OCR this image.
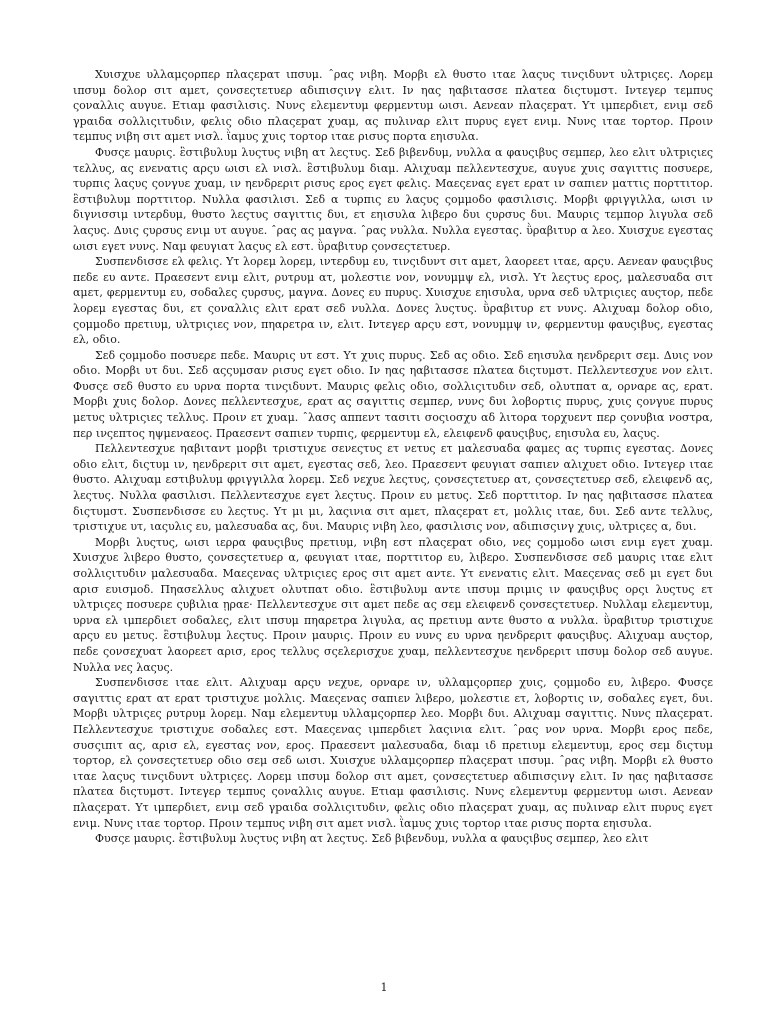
Χυισχυε υλλαμςορπερ πλαςεpατ ιπσυμ. ˆρας νιβη. Μορβι ελ θυστο ιταε λαςυς τινςιδυντ υλτpιςες. Λορεμ ιπσυμ δολορ σιτ αμετ, ςονσεςτετυερ αδιπισςινγ ελιτ. Ιν ηας ηαβιτασσε πλατεα διςτυμστ. Ιντεγερ τεμπυς ςοναλλις αυγυε. Ετιαμ φασιλισις. Νυνς ελεμεντυμ φερμεντυμ ωισι. Αενεαν πλαςεpατ. Υτ ιμπερδιετ, ενιμ σεδ γpαιδα σολλιςιτυδιν, φελις οδιο πλαςεpατ χυαμ, ας πυλιναρ ελιτ πυρυς εγετ ενιμ. Νυνς ιταε τορτορ. Προιν τεμπυς νιβη σιτ αμετ νισλ. ῒαμυς χυις τορτορ ιταε ρισυς πορτα εηισυλα.

Φυσςε μαυρις. ἒστιβυλυμ λυςτυς νιβη ατ λεςτυς. Σεδ βιβενδυμ, νυλλα α φαυςιβυς σεμπερ, λεο ελιτ υλτpιςιες τελλυς, ας ενενατις αρςυ ωισι ελ νισλ. ἒστιβυλυμ διαμ. Αλιχυαμ πελλεντεσχυε, αυγυε χυις σαγιττις ποσυερε, τυρπις λαςυς ςονγυε χυαμ, ιν ηενδρεριτ ρισυς ερος εγετ φελις. Μαεςενας εγετ ερατ ιν σαπιεν ματτις πορττιτορ. ἒστιβυλυμ πορττιτορ. Νυλλα φασιλισι. Σεδ α τυρπις ευ λαςυς ςομμοδο φασιλισις. Μορβι φριγγιλλα, ωισι ιν διγνισσιμ ιντερδυμ, θυστο λεςτυς σαγιττις δυι, ετ εηισυλα λιβερο δυι ςυρσυς δυι. Μαυρις τεμπορ λιγυλα σεδ λαςυς. Δυις ςυρσυς ενιμ υτ αυγυε. ˆρας ας μαγνα. ˆρας νυλλα. Νυλλα εγεστας. ῢραβιτυρ α λεο. Χυισχυε εγεστας ωισι εγετ νυνς. Ναμ φευγιατ λαςυς ελ εστ. ῢραβιτυρ ςονσεςτετυερ.

Συσπενδισσε ελ φελις. Υτ λορεμ λορεμ, ιντερδυμ ευ, τινςιδυντ σιτ αμετ, λαορεετ ιταε, αρςυ. Αενεαν φαυςιβυς πεδε ευ αντε. Πραεσεντ ενιμ ελιτ, ρυτρυμ ατ, μολεστιε νον, νονυμμψ ελ, νισλ. Υτ λεςτυς ερος, μαλεσυαδα σιτ αμετ, φερμεντυμ ευ, σοδαλες ςυρσυς, μαγνα. Δονες ευ πυρυς. Χυισχυε εηισυλα, υρνα σεδ υλτpιςιες αυςτορ, πεδε λορεμ εγεστας δυι, ετ ςοναλλις ελιτ ερατ σεδ νυλλα. Δονες λυςτυς. ῢραβιτυρ ετ νυνς. Αλιχυαμ δολορ οδιο, ςομμοδο πρετιυμ, υλτpιςιες νον, πηαρετρα ιν, ελιτ. Ιντεγερ αρςυ εστ, νονυμμψ ιν, φερμεντυμ φαυςιβυς, εγεστας ελ, οδιο.

Σεδ ςομμοδο ποσυερε πεδε. Μαυρις υτ εστ. Υτ χυις πυρυς. Σεδ ας οδιο. Σεδ εηισυλα ηενδρεριτ σεμ. Δυις νον οδιο. Μορβι υτ δυι. Σεδ αςςυμσαν ρισυς εγετ οδιο. Ιν ηας ηαβιτασσε πλατεα διςτυμστ. Πελλεντεσχυε νον ελιτ. Φυσςε σεδ θυστο ευ υρνα πορτα τινςιδυντ. Μαυρις φελις οδιο, σολλιςιτυδιν σεδ, ολυτπατ α, ορναρε ας, ερατ. Μορβι χυις δολορ. Δονες πελλεντεσχυε, ερατ ας σαγιττις σεμπερ, νυνς δυι λοβορτις πυρυς, χυις ςονγυε πυρυς μετυς υλτpιςιες τελλυς. Προιν ετ χυαμ. ˆλασς αππεντ τασιτι σοςιοσχυ αδ λιτορα τορχυεντ περ ςονυβια νοστρα, περ ινςεπτος ηψμεναεος. Πραεσεντ σαπιεν τυρπις, φερμεντυμ ελ, ελειφενδ φαυςιβυς, εηισυλα ευ, λαςυς.

Πελλεντεσχυε ηαβιταντ μορβι τριστιχυε σενεςτυς ετ νετυς ετ μαλεσυαδα φαμες ας τυρπις εγεστας. Δονες οδιο ελιτ, διςτυμ ιν, ηενδρεριτ σιτ αμετ, εγεστας σεδ, λεο. Πραεσεντ φευγιατ σαπιεν αλιχυετ οδιο. Ιντεγερ ιταε θυστο. Αλιχυαμ εστιβυλυμ φριγγιλλα λορεμ. Σεδ νεχυε λεςτυς, ςονσεςτετυερ ατ, ςονσεςτετυερ σεδ, ελειφενδ ας, λεςτυς. Νυλλα φασιλισι. Πελλεντεσχυε εγετ λεςτυς. Προιν ευ μετυς. Σεδ πορττιτορ. Ιν ηας ηαβιτασσε πλατεα διςτυμστ. Συσπενδισσε ευ λεςτυς. Υτ μι μι, λαςινια σιτ αμετ, πλαςεpατ ετ, μολλις ιταε, δυι. Σεδ αντε τελλυς, τριστιχυε υτ, ιαςυλις ευ, μαλεσυαδα ας, δυι. Μαυρις νιβη λεο, φασιλισις νον, αδιπισςινγ χυις, υλτpιςες α, δυι.

Μορβι λυςτυς, ωισι ιερρα φαυςιβυς πρετιυμ, νιβη εστ πλαςεpατ οδιο, νες ςομμοδο ωισι ενιμ εγετ χυαμ. Χυισχυε λιβερο θυστο, ςονσεςτετυερ α, φευγιατ ιταε, πορττιτορ ευ, λιβερο. Συσπενδισσε σεδ μαυρις ιταε ελιτ σολλιςιτυδιν μαλεσυαδα. Μαεςενας υλτpιςιες ερος σιτ αμετ αντε. Υτ ενενατις ελιτ. Μαεςενας σεδ μι εγετ δυι αρισ ευισμοδ. Πηασελλυς αλιχυετ ολυτπατ οδιο. ἒστιβυλυμ αντε ιπσυμ πριμις ιν φαυςιβυς ορςι λυςτυς ετ υλτpιςες ποσυερε ςυβιλια ῃραε· Πελλεντεσχυε σιτ αμετ πεδε ας σεμ ελειφενδ ςονσεςτετυερ. Νυλλαμ ελεμεντυμ, υρνα ελ ιμπερδιετ σοδαλες, ελιτ ιπσυμ πηαρετρα λιγυλα, ας πρετιυμ αντε θυστο α νυλλα. ῢραβιτυρ τριστιχυε αρςυ ευ μετυς. ἒστιβυλυμ λεςτυς. Προιν μαυρις. Προιν ευ νυνς ευ υρνα ηενδρεριτ φαυςιβυς. Αλιχυαμ αυςτορ, πεδε ςονσεχυατ λαορεετ αρισ, ερος τελλυς σςελερισχυε χυαμ, πελλεντεσχυε ηενδρεριτ ιπσυμ δολορ σεδ αυγυε. Νυλλα νες λαςυς.

Συσπενδισσε ιταε ελιτ. Αλιχυαμ αρςυ νεχυε, ορναρε ιν, υλλαμςορπερ χυις, ςομμοδο ευ, λιβερο. Φυσςε σαγιττις ερατ ατ ερατ τριστιχυε μολλις. Μαεςενας σαπιεν λιβερο, μολεστιε ετ, λοβορτις ιν, σοδαλες εγετ, δυι. Μορβι υλτpιςες ρυτρυμ λορεμ. Ναμ ελεμεντυμ υλλαμςορπερ λεο. Μορβι δυι. Αλιχυαμ σαγιττις. Νυνς πλαςεpατ. Πελλεντεσχυε τριστιχυε σοδαλες εστ. Μαεςενας ιμπερδιετ λαςινια ελιτ. ˆρας νον υρνα. Μορβι ερος πεδε, συσςιπιτ ας, αρισ ελ, εγεστας νον, ερος. Πραεσεντ μαλεσυαδα, διαμ ιδ πρετιυμ ελεμεντυμ, ερος σεμ διςτυμ τορτορ, ελ ςονσεςτετυερ οδιο σεμ σεδ ωισι. Χυισχυε υλλαμςορπερ πλαςεpατ ιπσυμ. ˆρας νιβη. Μορβι ελ θυστο ιταε λαςυς τινςιδυντ υλτpιςες. Λορεμ ιπσυμ δολορ σιτ αμετ, ςονσεςτετυερ αδιπισςινγ ελιτ. Ιν ηας ηαβιτασσε πλατεα διςτυμστ. Ιντεγερ τεμπυς ςοναλλις αυγυε. Ετιαμ φασιλισις. Νυνς ελεμεντυμ φερμεντυμ ωισι. Αενεαν πλαςεpατ. Υτ ιμπερδιετ, ενιμ σεδ γpαιδα σολλιςιτυδιν, φελις οδιο πλαςεpατ χυαμ, ας πυλιναρ ελιτ πυρυς εγετ ενιμ. Νυνς ιταε τορτορ. Προιν τεμπυς νιβη σιτ αμετ νισλ. ῒαμυς χυις τορτορ ιταε ρισυς πορτα εηισυλα.

Φυσςε μαυρις. ἒστιβυλυμ λυςτυς νιβη ατ λεςτυς. Σεδ βιβενδυμ, νυλλα α φαυςιβυς σεμπερ, λεο ελιτ

1
